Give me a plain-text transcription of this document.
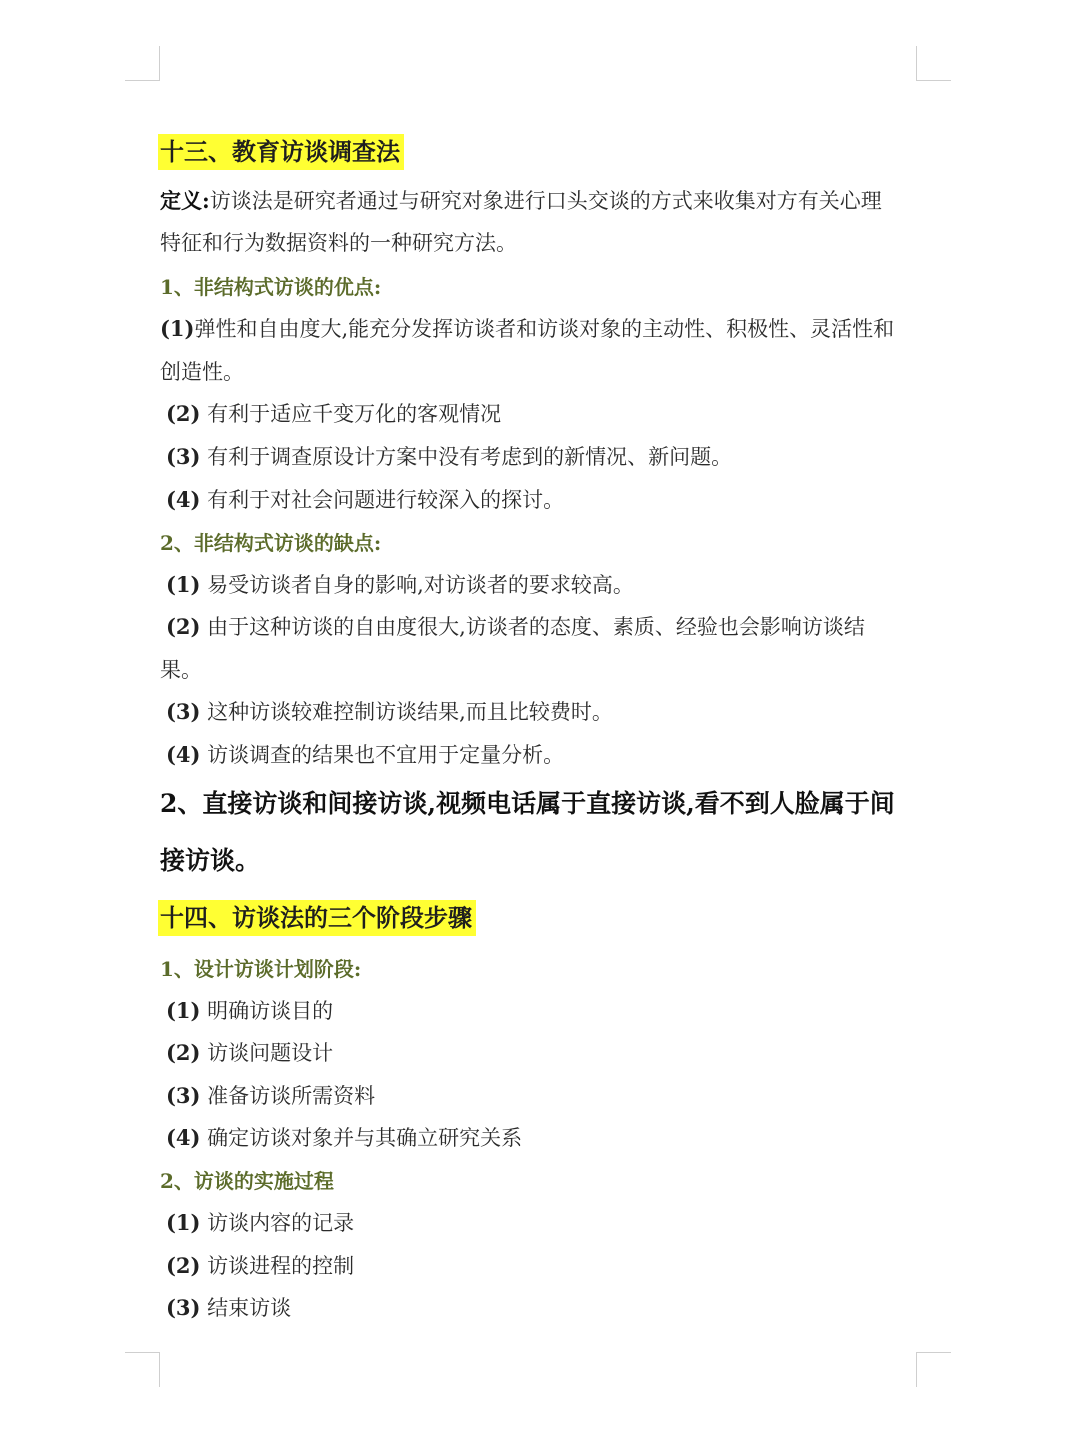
十三、教育访谈调查法
定义:访谈法是研究者通过与研究对象进行口头交谈的方式来收集对方有关心理
特征和行为数据资料的一种研究方法。
1、非结构式访谈的优点:
(1)弹性和自由度大,能充分发挥访谈者和访谈对象的主动性、积极性、灵活性和
创造性。
(2) 有利于适应千变万化的客观情况
(3) 有利于调查原设计方案中没有考虑到的新情况、新问题。
(4) 有利于对社会问题进行较深入的探讨。
2、非结构式访谈的缺点:
(1) 易受访谈者自身的影响,对访谈者的要求较高。
(2) 由于这种访谈的自由度很大,访谈者的态度、素质、经验也会影响访谈结
果。
(3) 这种访谈较难控制访谈结果,而且比较费时。
(4) 访谈调查的结果也不宜用于定量分析。
2、直接访谈和间接访谈,视频电话属于直接访谈,看不到人脸属于间
接访谈。
十四、访谈法的三个阶段步骤
1、设计访谈计划阶段:
(1) 明确访谈目的
(2) 访谈问题设计
(3) 准备访谈所需资料
(4) 确定访谈对象并与其确立研究关系
2、访谈的实施过程
(1) 访谈内容的记录
(2) 访谈进程的控制
(3) 结束访谈
